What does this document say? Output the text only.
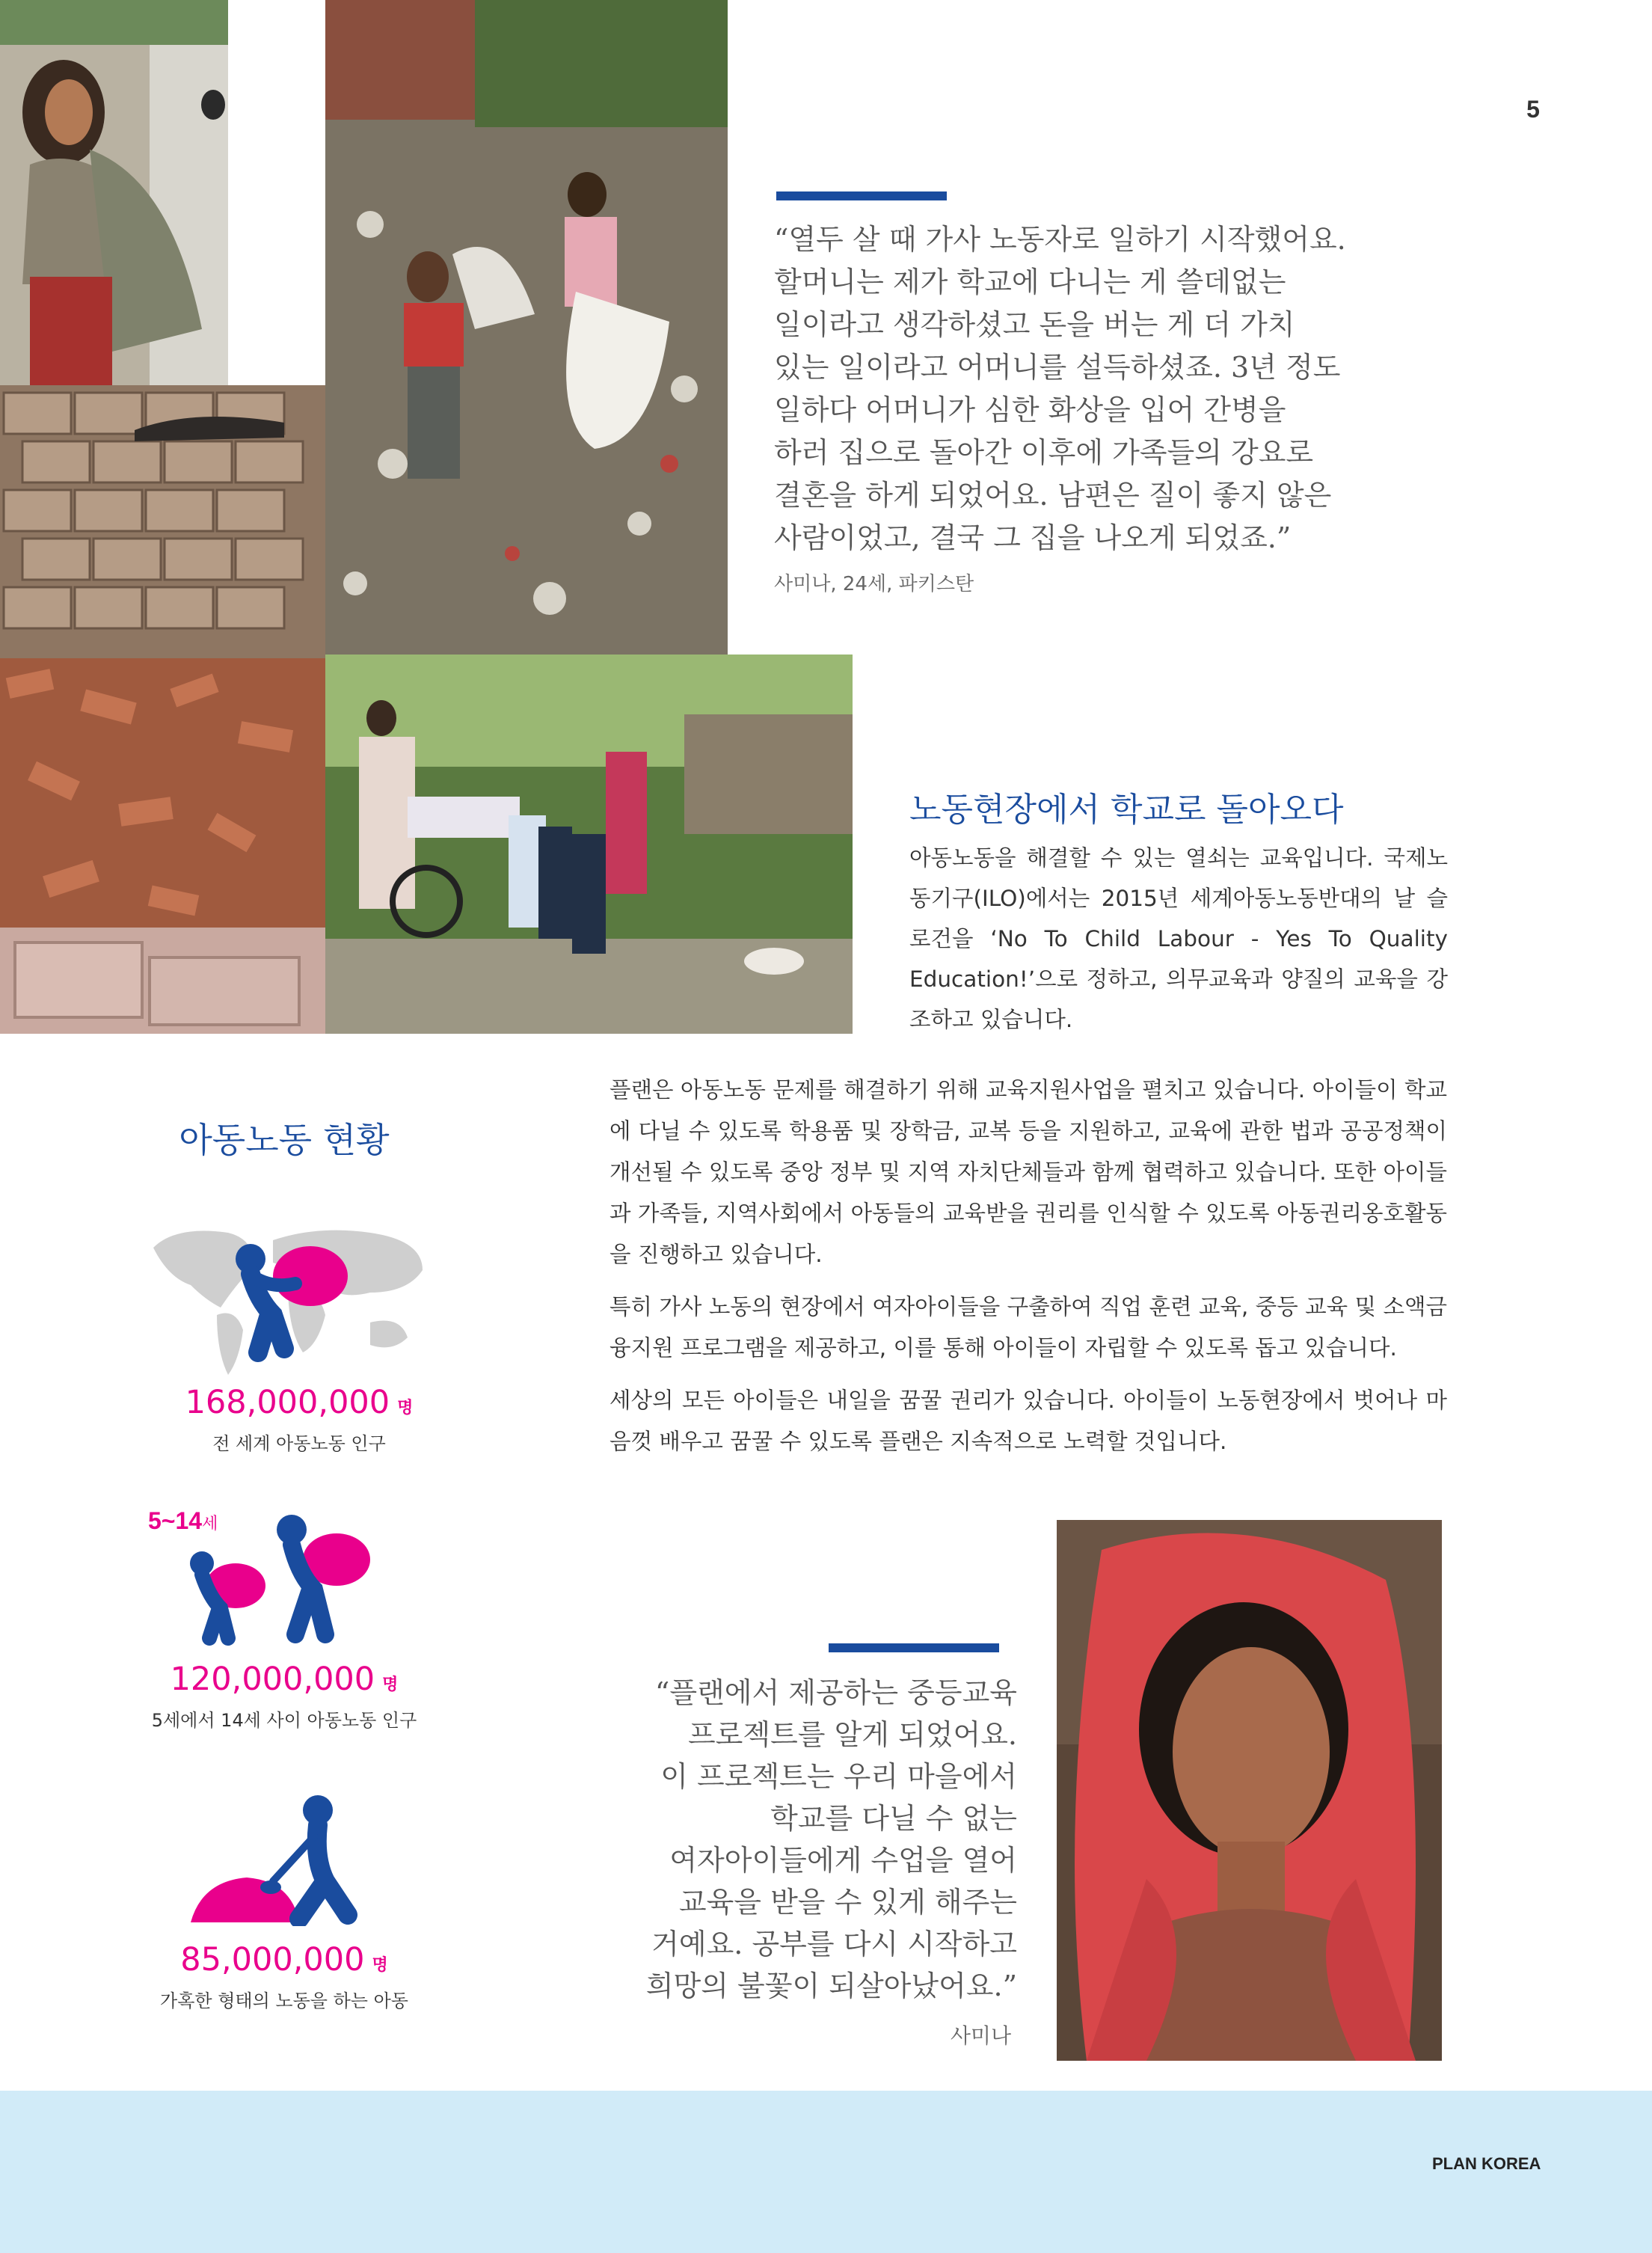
5

“열두 살 때 가사 노동자로 일하기 시작했어요.

할머니는 제가 학교에 다니는 게 쓸데없는

일이라고 생각하셨고 돈을 버는 게 더 가치

있는 일이라고 어머니를 설득하셨죠. 3년 정도

일하다 어머니가 심한 화상을 입어 간병을

하러 집으로 돌아간 이후에 가족들의 강요로

결혼을 하게 되었어요. 남편은 질이 좋지 않은

사람이었고, 결국 그 집을 나오게 되었죠.”

사미나, 24세, 파키스탄
노동현장에서 학교로 돌아오다
아동노동을 해결할 수 있는 열쇠는 교육입니다. 국제노동기구(ILO)에서는 2015년 세계아동노동반대의 날 슬로건을 ‘No To Child Labour - Yes To Quality Education!’으로 정하고, 의무교육과 양질의 교육을 강조하고 있습니다.

플랜은 아동노동 문제를 해결하기 위해 교육지원사업을 펼치고 있습니다. 아이들이 학교에 다닐 수 있도록 학용품 및 장학금, 교복 등을 지원하고, 교육에 관한 법과 공공정책이 개선될 수 있도록 중앙 정부 및 지역 자치단체들과 함께 협력하고 있습니다. 또한 아이들과 가족들, 지역사회에서 아동들의 교육받을 권리를 인식할 수 있도록 아동권리옹호활동을 진행하고 있습니다.

특히 가사 노동의 현장에서 여자아이들을 구출하여 직업 훈련 교육, 중등 교육 및 소액금융지원 프로그램을 제공하고, 이를 통해 아이들이 자립할 수 있도록 돕고 있습니다.

세상의 모든 아이들은 내일을 꿈꿀 권리가 있습니다. 아이들이 노동현장에서 벗어나 마음껏 배우고 꿈꿀 수 있도록 플랜은 지속적으로 노력할 것입니다.

아동노동 현황
168,000,000 명
전 세계 아동노동 인구
5~14세
120,000,000 명
5세에서 14세 사이 아동노동 인구
85,000,000 명
가혹한 형태의 노동을 하는 아동

“플랜에서 제공하는 중등교육

프로젝트를 알게 되었어요.

이 프로젝트는 우리 마을에서

학교를 다닐 수 없는

여자아이들에게 수업을 열어

교육을 받을 수 있게 해주는

거예요. 공부를 다시 시작하고

희망의 불꽃이 되살아났어요.”

사미나
PLAN KOREA
